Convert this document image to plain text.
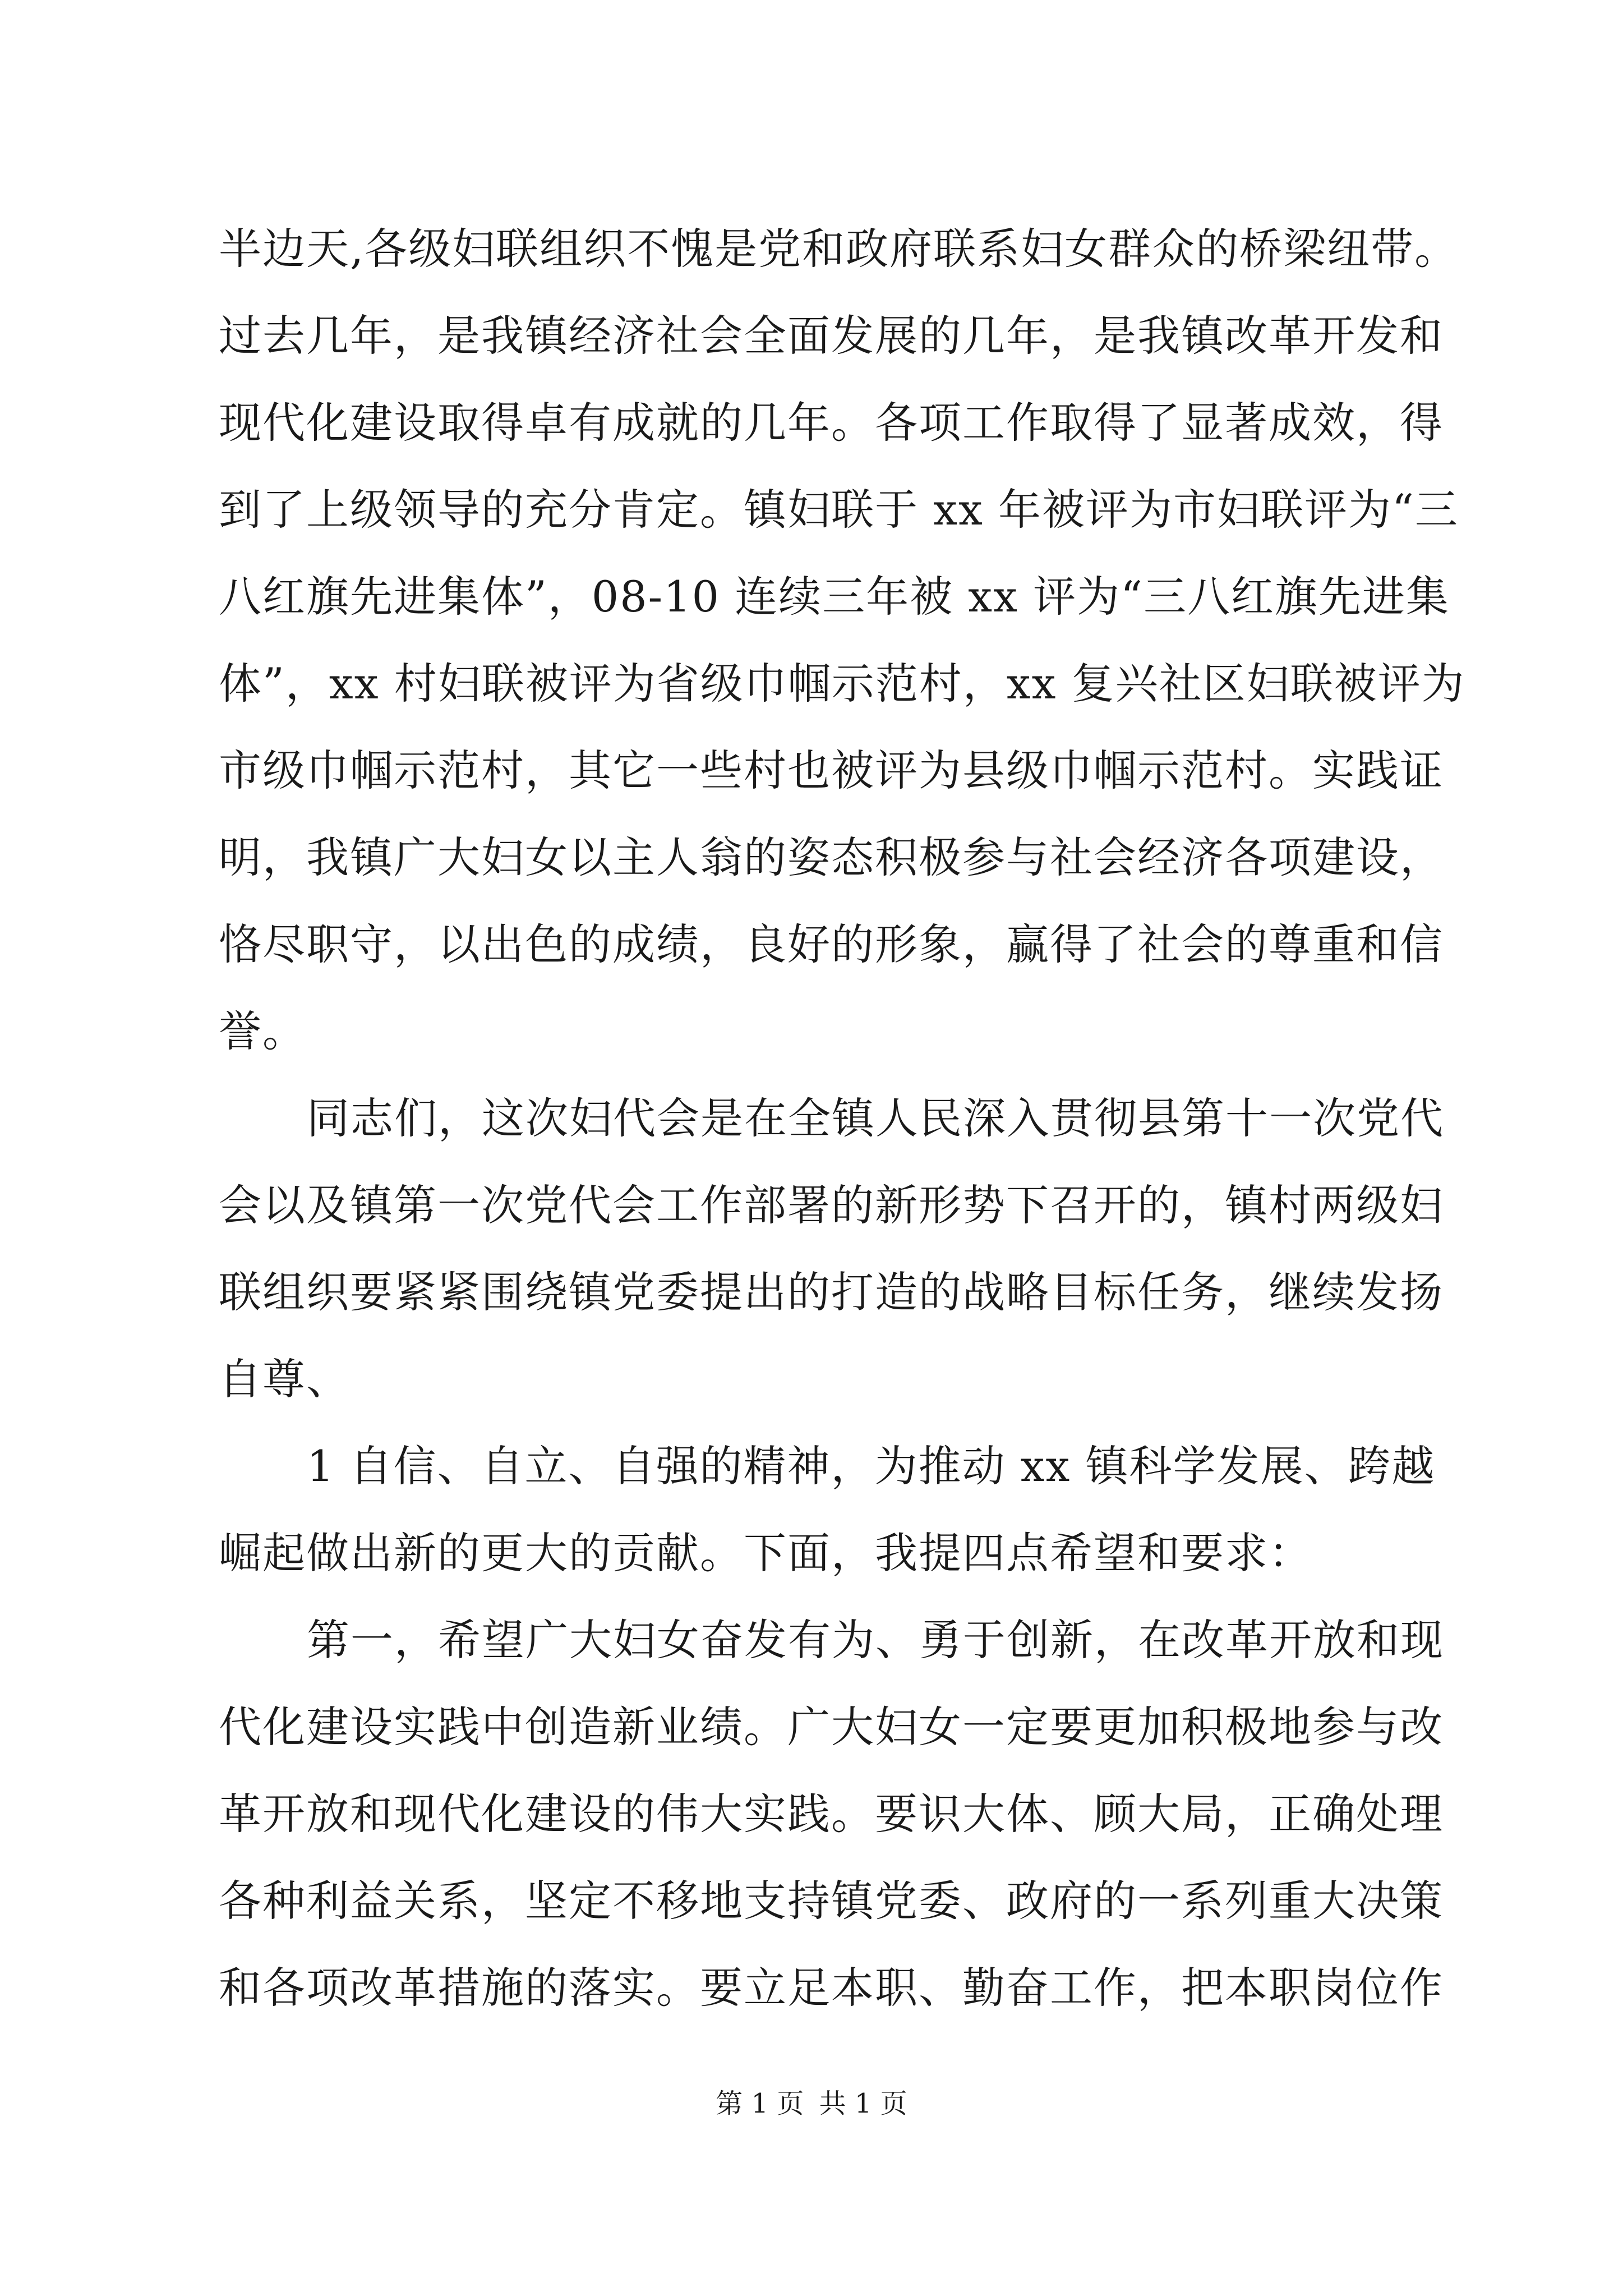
半边天,各级妇联组织不愧是党和政府联系妇女群众的桥梁纽带。
过去几年，是我镇经济社会全面发展的几年，是我镇改革开发和
现代化建设取得卓有成就的几年。各项工作取得了显著成效，得
到了上级领导的充分肯定。镇妇联于 xx 年被评为市妇联评为“三
八红旗先进集体”，08-10 连续三年被 xx 评为“三八红旗先进集
体”，xx 村妇联被评为省级巾帼示范村，xx 复兴社区妇联被评为
市级巾帼示范村，其它一些村也被评为县级巾帼示范村。实践证
明，我镇广大妇女以主人翁的姿态积极参与社会经济各项建设，
恪尽职守，以出色的成绩，良好的形象，赢得了社会的尊重和信
誉。
同志们，这次妇代会是在全镇人民深入贯彻县第十一次党代
会以及镇第一次党代会工作部署的新形势下召开的，镇村两级妇
联组织要紧紧围绕镇党委提出的打造的战略目标任务，继续发扬
自尊、
1 自信、自立、自强的精神，为推动 xx 镇科学发展、跨越
崛起做出新的更大的贡献。下面，我提四点希望和要求：
第一，希望广大妇女奋发有为、勇于创新，在改革开放和现
代化建设实践中创造新业绩。广大妇女一定要更加积极地参与改
革开放和现代化建设的伟大实践。要识大体、顾大局，正确处理
各种利益关系，坚定不移地支持镇党委、政府的一系列重大决策
和各项改革措施的落实。要立足本职、勤奋工作，把本职岗位作
第 1 页 共 1 页
